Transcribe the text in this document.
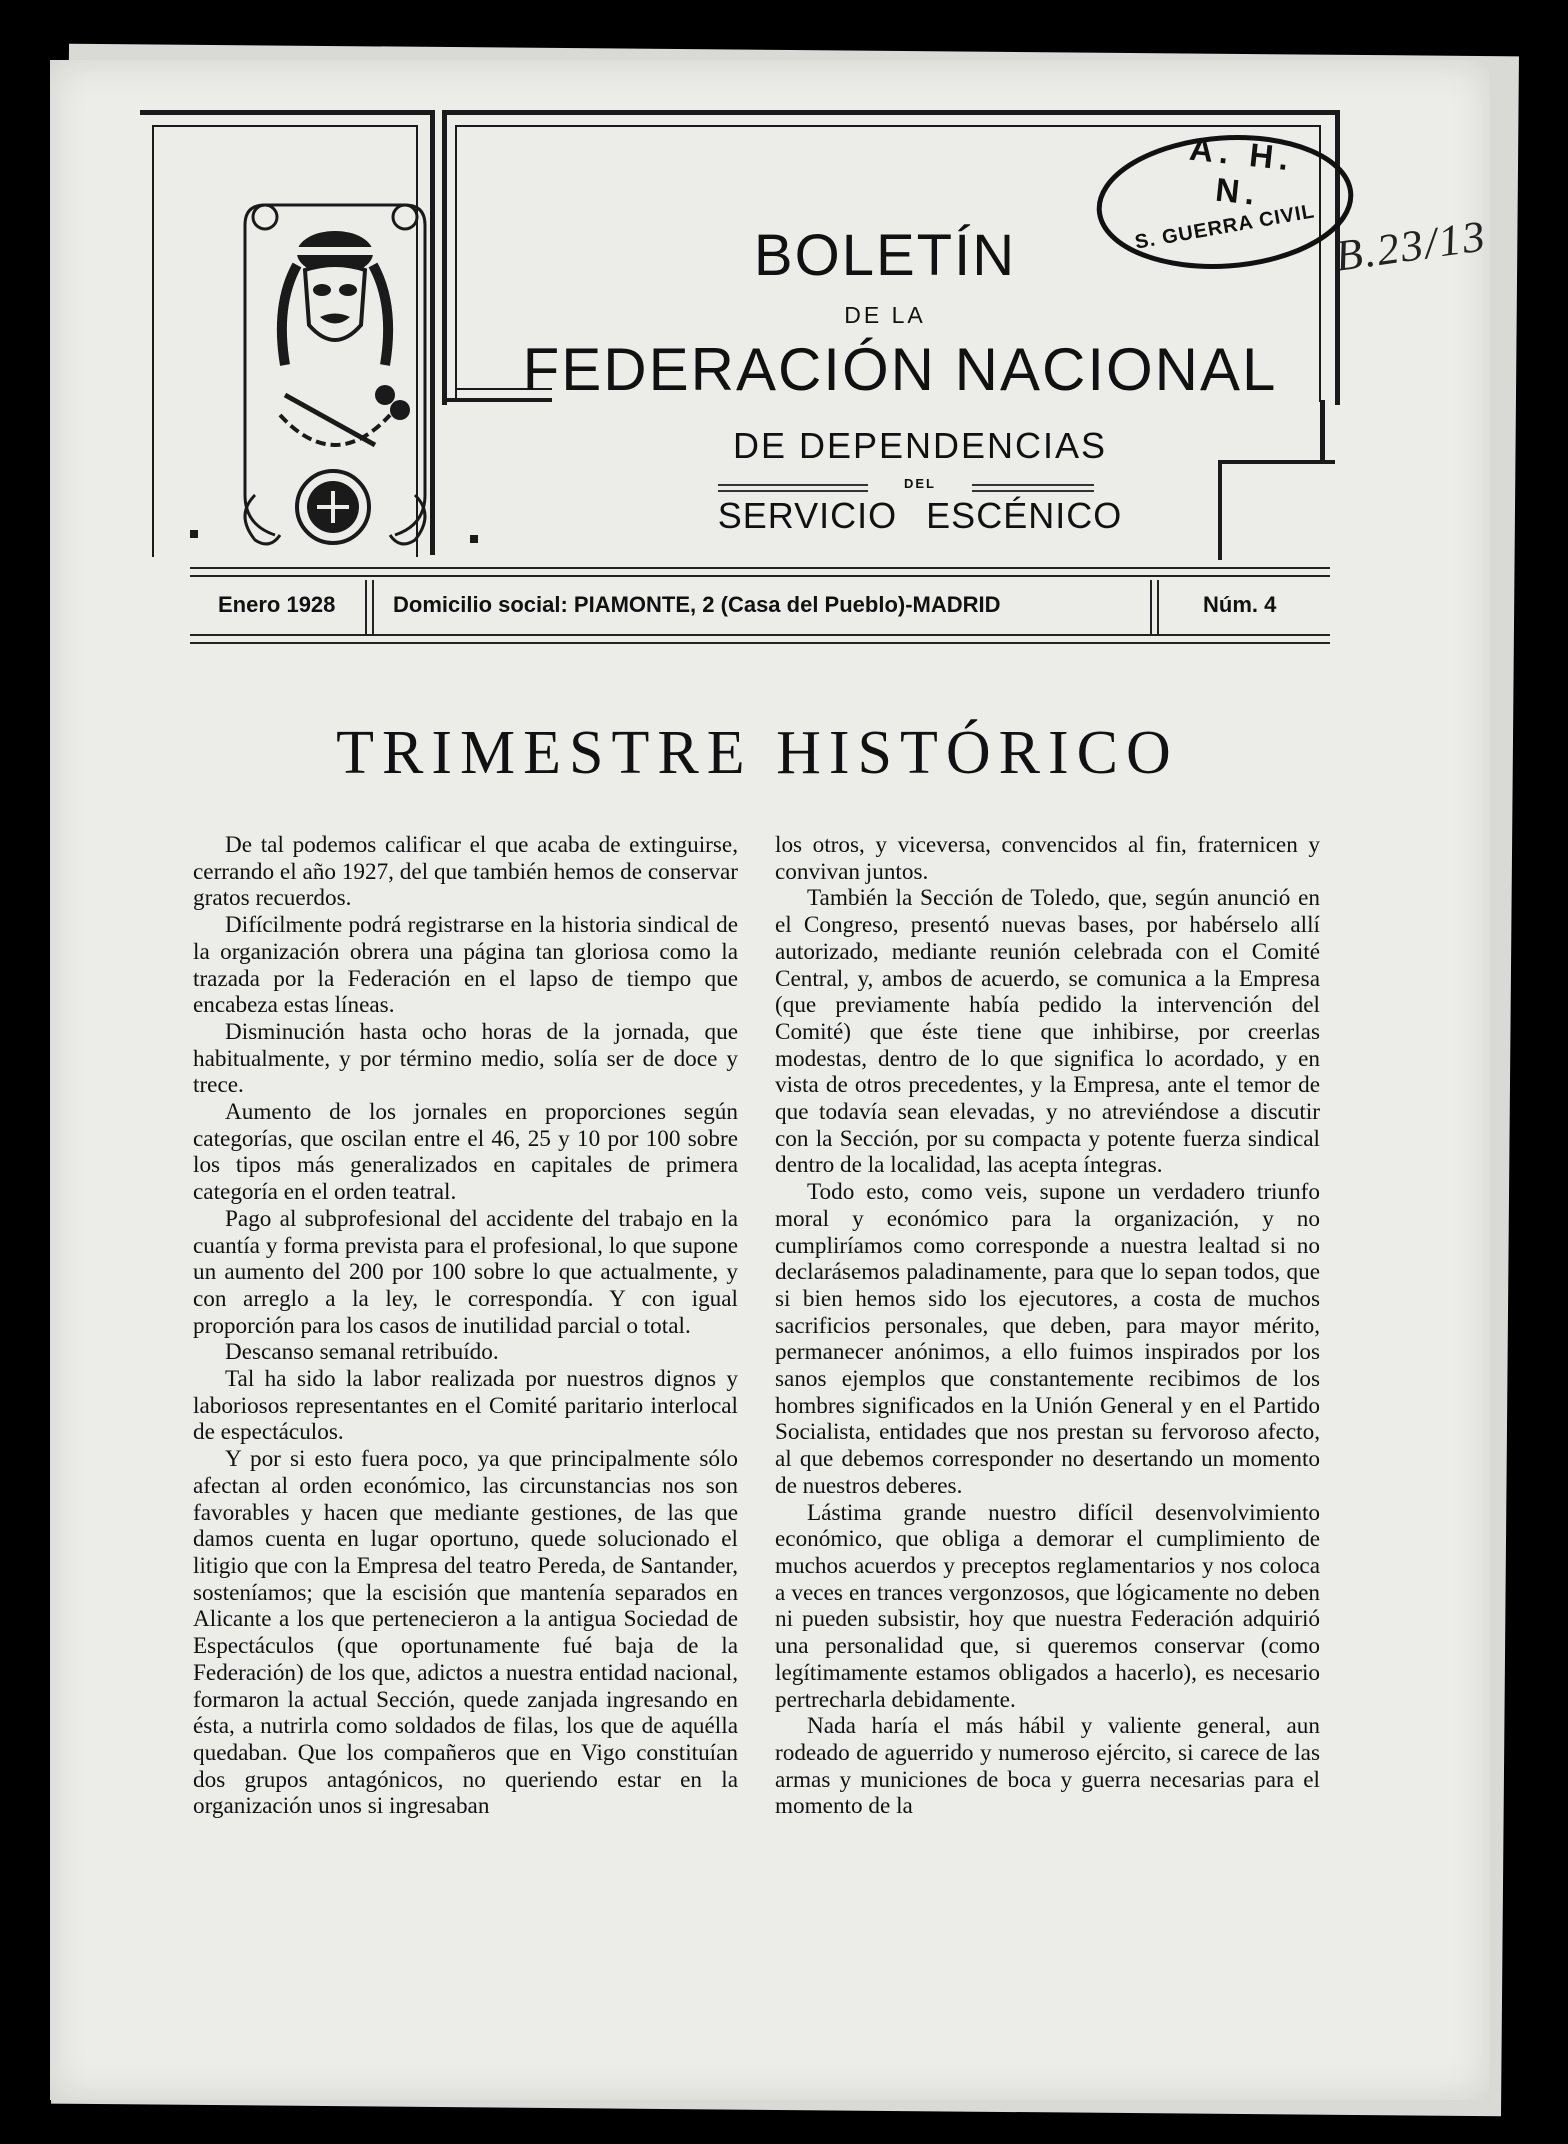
BOLETÍN
DE LA
FEDERACIÓN NACIONAL
DE DEPENDENCIAS
DEL
SERVICIO ESCÉNICO
A. H. N.
S. GUERRA CIVIL B.23/13
Enero 1928	Domicilio social: PIAMONTE, 2 (Casa del Pueblo)-MADRID	Núm. 4
TRIMESTRE HISTÓRICO

De tal podemos calificar el que acaba de extinguirse, cerrando el año 1927, del que también hemos de conservar gratos recuerdos.

Difícilmente podrá registrarse en la historia sindical de la organización obrera una página tan gloriosa como la trazada por la Federación en el lapso de tiempo que encabeza estas líneas.

Disminución hasta ocho horas de la jornada, que habitualmente, y por término medio, solía ser de doce y trece.

Aumento de los jornales en proporciones según categorías, que oscilan entre el 46, 25 y 10 por 100 sobre los tipos más generalizados en capitales de primera categoría en el orden teatral.

Pago al subprofesional del accidente del trabajo en la cuantía y forma prevista para el profesional, lo que supone un aumento del 200 por 100 sobre lo que actualmente, y con arreglo a la ley, le correspondía. Y con igual proporción para los casos de inutilidad parcial o total.

Descanso semanal retribuído.

Tal ha sido la labor realizada por nuestros dignos y laboriosos representantes en el Comité paritario interlocal de espectáculos.

Y por si esto fuera poco, ya que principalmente sólo afectan al orden económico, las circunstancias nos son favorables y hacen que mediante gestiones, de las que damos cuenta en lugar oportuno, quede solucionado el litigio que con la Empresa del teatro Pereda, de Santander, sosteníamos; que la escisión que mantenía separados en Alicante a los que pertenecieron a la antigua Sociedad de Espectáculos (que oportunamente fué baja de la Federación) de los que, adictos a nuestra entidad nacional, formaron la actual Sección, quede zanjada ingresando en ésta, a nutrirla como soldados de filas, los que de aquélla quedaban. Que los compañeros que en Vigo constituían dos grupos antagónicos, no queriendo estar en la organización unos si ingresaban

los otros, y viceversa, convencidos al fin, fraternicen y convivan juntos.

También la Sección de Toledo, que, según anunció en el Congreso, presentó nuevas bases, por habérselo allí autorizado, mediante reunión celebrada con el Comité Central, y, ambos de acuerdo, se comunica a la Empresa (que previamente había pedido la intervención del Comité) que éste tiene que inhibirse, por creerlas modestas, dentro de lo que significa lo acordado, y en vista de otros precedentes, y la Empresa, ante el temor de que todavía sean elevadas, y no atreviéndose a discutir con la Sección, por su compacta y potente fuerza sindical dentro de la localidad, las acepta íntegras.

Todo esto, como veis, supone un verdadero triunfo moral y económico para la organización, y no cumpliríamos como corresponde a nuestra lealtad si no declarásemos paladinamente, para que lo sepan todos, que si bien hemos sido los ejecutores, a costa de muchos sacrificios personales, que deben, para mayor mérito, permanecer anónimos, a ello fuimos inspirados por los sanos ejemplos que constantemente recibimos de los hombres significados en la Unión General y en el Partido Socialista, entidades que nos prestan su fervoroso afecto, al que debemos corresponder no desertando un momento de nuestros deberes.

Lástima grande nuestro difícil desenvolvimiento económico, que obliga a demorar el cumplimiento de muchos acuerdos y preceptos reglamentarios y nos coloca a veces en trances vergonzosos, que lógicamente no deben ni pueden subsistir, hoy que nuestra Federación adquirió una personalidad que, si queremos conservar (como legítimamente estamos obligados a hacerlo), es necesario pertrecharla debidamente.

Nada haría el más hábil y valiente general, aun rodeado de aguerrido y numeroso ejército, si carece de las armas y municiones de boca y guerra necesarias para el momento de la
